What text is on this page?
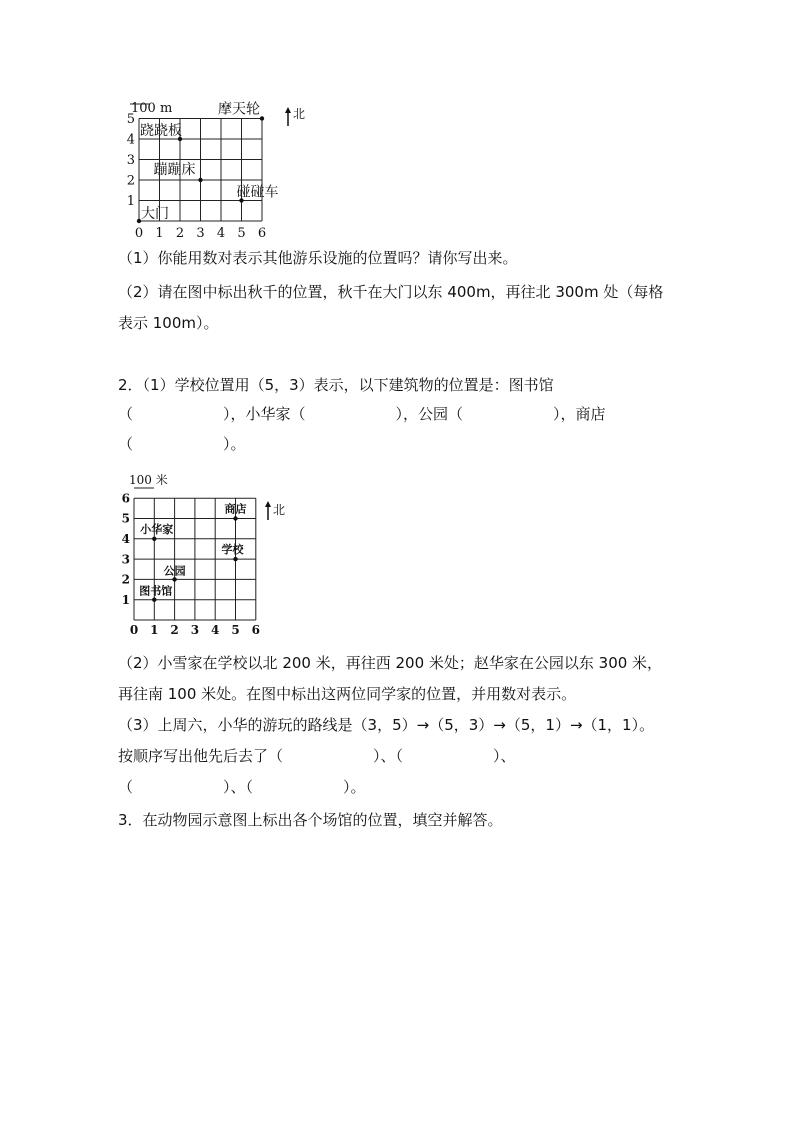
100 m	北
0 1 2 3 4 5 6
1
2
3
4
5
大门
摩天轮
跷跷板
蹦蹦床
碰碰车
（1）你能用数对表示其他游乐设施的位置吗？请你写出来。
（2）请在图中标出秋千的位置，秋千在大门以东 400m，再往北 300m 处（每格
表示 100m）。
2．（1）学校位置用（5，3）表示，以下建筑物的位置是：图书馆
（　　　　　　），小华家（　　　　　　），公园（　　　　　　），商店
（　　　　　　）。
100 米
北
0 1 2 3 4 5 6
1
2
3
4
5
6
商店
小华家
学校
公园
图书馆
（2）小雪家在学校以北 200 米，再往西 200 米处；赵华家在公园以东 300 米，
再往南 100 米处。在图中标出这两位同学家的位置，并用数对表示。
（3）上周六，小华的游玩的路线是（3，5）→（5，3）→（5，1）→（1，1）。
按顺序写出他先后去了（　　　　　　）、（　　　　　　）、
（　　　　　　）、（　　　　　　）。
3．在动物园示意图上标出各个场馆的位置，填空并解答。
